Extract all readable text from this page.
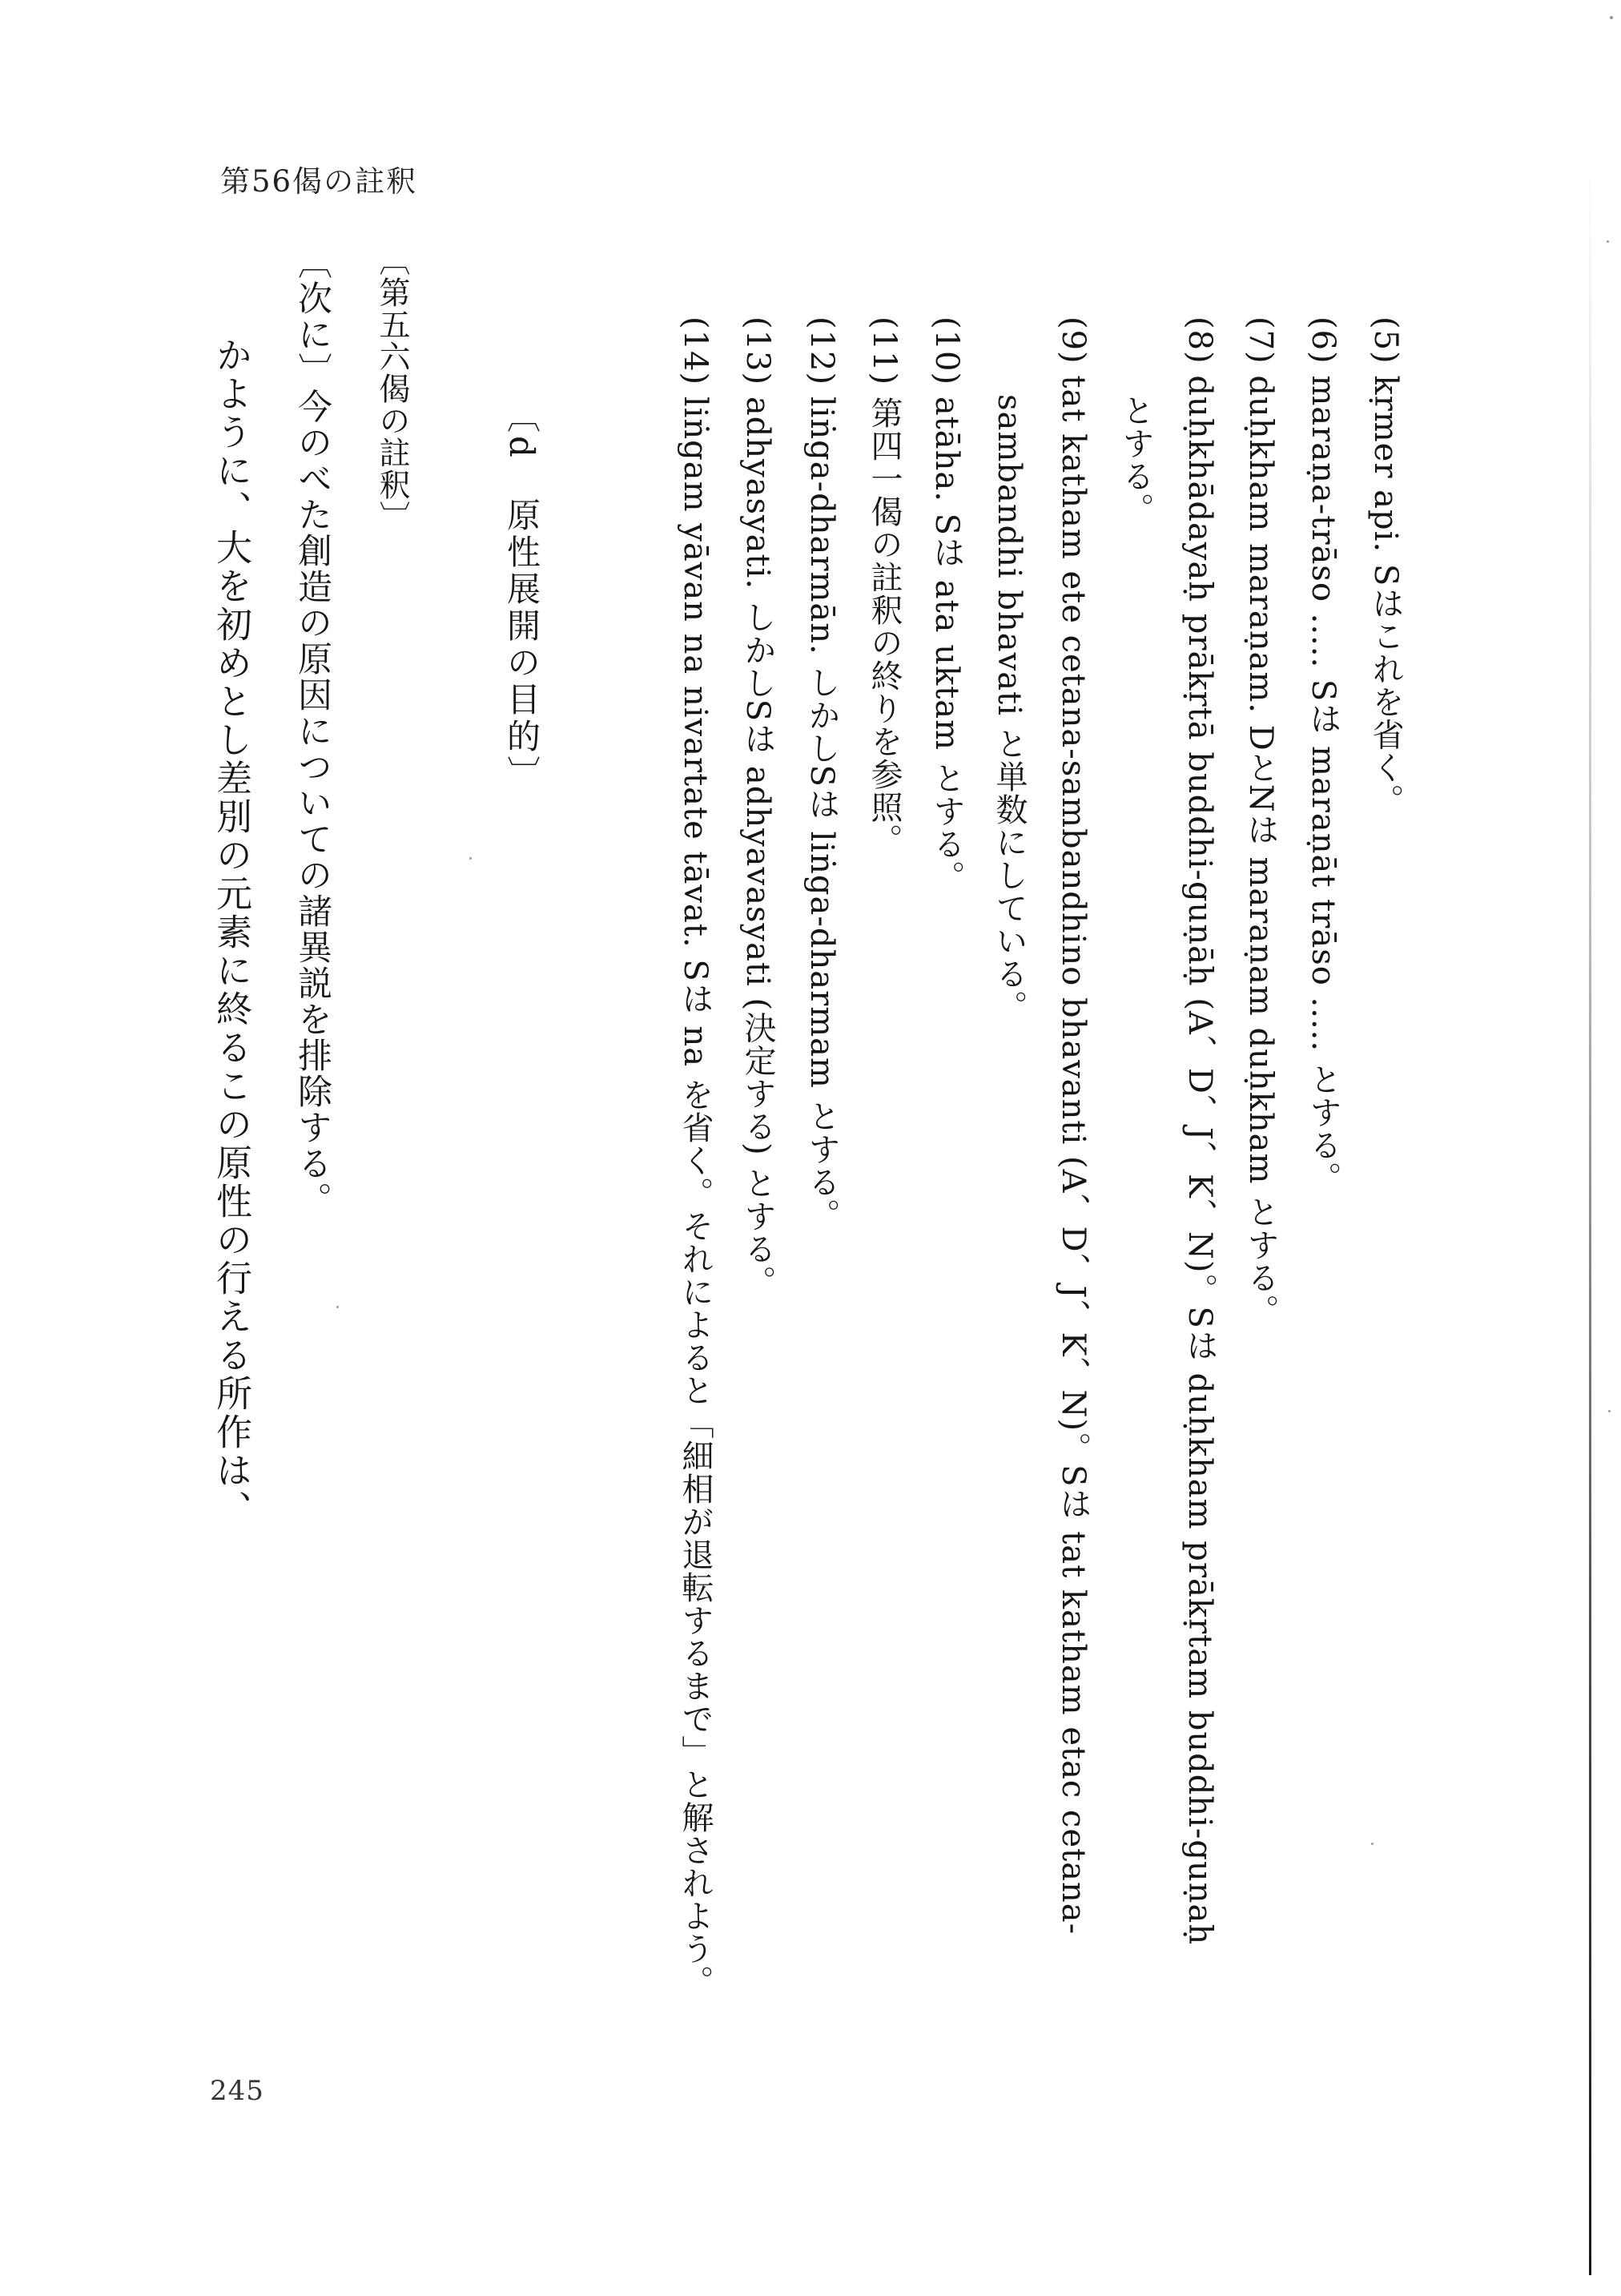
第56偈の註釈
(5) kṛmer api. Sはこれを省く。
(6) maraṇa-trāso ..... Sは maraṇāt trāso ..... とする。
(7) duḥkham maraṇam. DとNは maraṇam duḥkham とする。
(8) duḥkhādayaḥ prākṛtā buddhi-guṇāḥ (A、D、J、K、N)。Sは duḥkham prākṛtam buddhi-guṇaḥ
とする。
(9) tat katham ete cetana-sambandhino bhavanti (A、D、J、K、N)。Sは tat katham etac cetana-
sambandhi bhavati と単数にしている。
(10) atāha. Sは ata uktam とする。
(11) 第四一偈の註釈の終りを参照。
(12) liṅga-dharmān. しかしSは liṅga-dharmam とする。
(13) adhyasyati. しかしSは adhyavasyati (決定する) とする。
(14) liṅgam yāvan na nivartate tāvat. Sは na を省く。それによると「細相が退転するまで」と解されよう。
〔d　原性展開の目的〕
〔第五六偈の註釈〕
〔次に〕今のべた創造の原因についての諸異説を排除する。
かように、大を初めとし差別の元素に終るこの原性の行える所作は、
245
